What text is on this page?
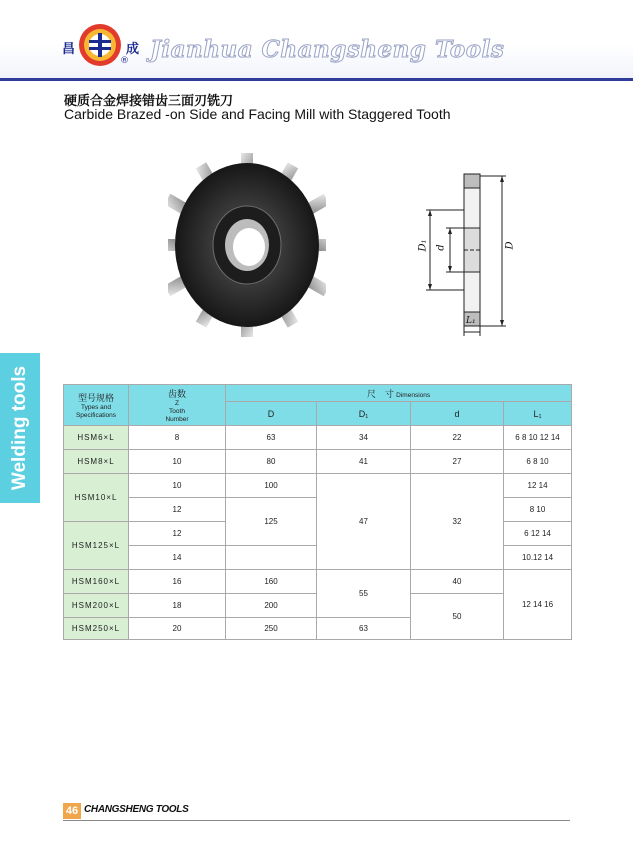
昌	成
® Jianhua Changsheng Tools
硬质合金焊接错齿三面刃铣刀
Carbide Brazed -on Side and Facing Mill with Staggered Tooth
D₁ d	D
L₁
Welding tools	型号规格
Types and
Specifications	齿数
Z
Tooth
Number	尺　寸 Dimensions			
		D	D₁	d	L₁
HSM6×L	8	63	34	22	6 8 10 12 14
HSM8×L	10	80	41	27	6 8 10
HSM10×L	10	100	47	32	12 14
	12	125			8 10
HSM125×L	12				6 12 14
	14				10.12 14
HSM160×L	16	160	55	40	12 14 16
HSM200×L	18	200		50	
HSM250×L	20	250	63		
46 CHANGSHENG TOOLS
